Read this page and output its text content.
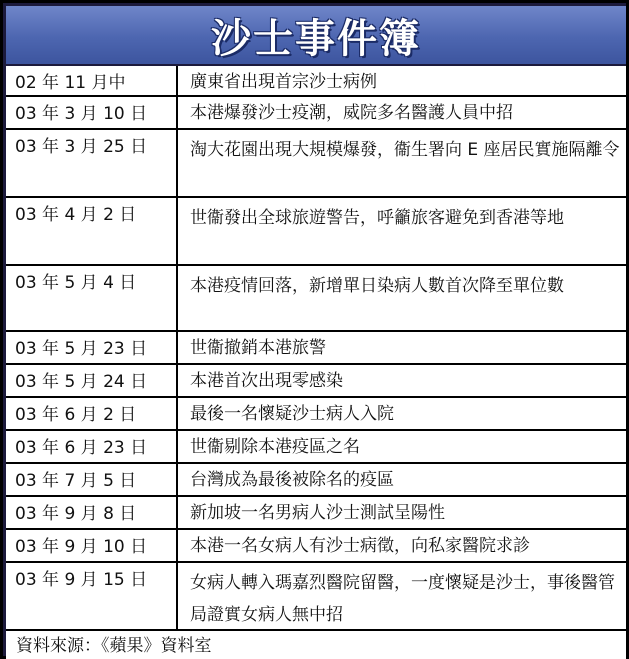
沙士事件簿
02 年 11 月中	廣東省出現首宗沙士病例
03 年 3 月 10 日	本港爆發沙士疫潮，威院多名醫護人員中招
03 年 3 月 25 日	淘大花園出現大規模爆發，衞生署向 E 座居民實施隔離令
03 年 4 月 2 日	世衞發出全球旅遊警告，呼籲旅客避免到香港等地
03 年 5 月 4 日	本港疫情回落，新增單日染病人數首次降至單位數
03 年 5 月 23 日	世衞撤銷本港旅警
03 年 5 月 24 日	本港首次出現零感染
03 年 6 月 2 日	最後一名懷疑沙士病人入院
03 年 6 月 23 日	世衞剔除本港疫區之名
03 年 7 月 5 日	台灣成為最後被除名的疫區
03 年 9 月 8 日	新加坡一名男病人沙士測試呈陽性
03 年 9 月 10 日	本港一名女病人有沙士病徵，向私家醫院求診
03 年 9 月 15 日	女病人轉入瑪嘉烈醫院留醫，一度懷疑是沙士，事後醫管局證實女病人無中招
資料來源：《蘋果》資料室
